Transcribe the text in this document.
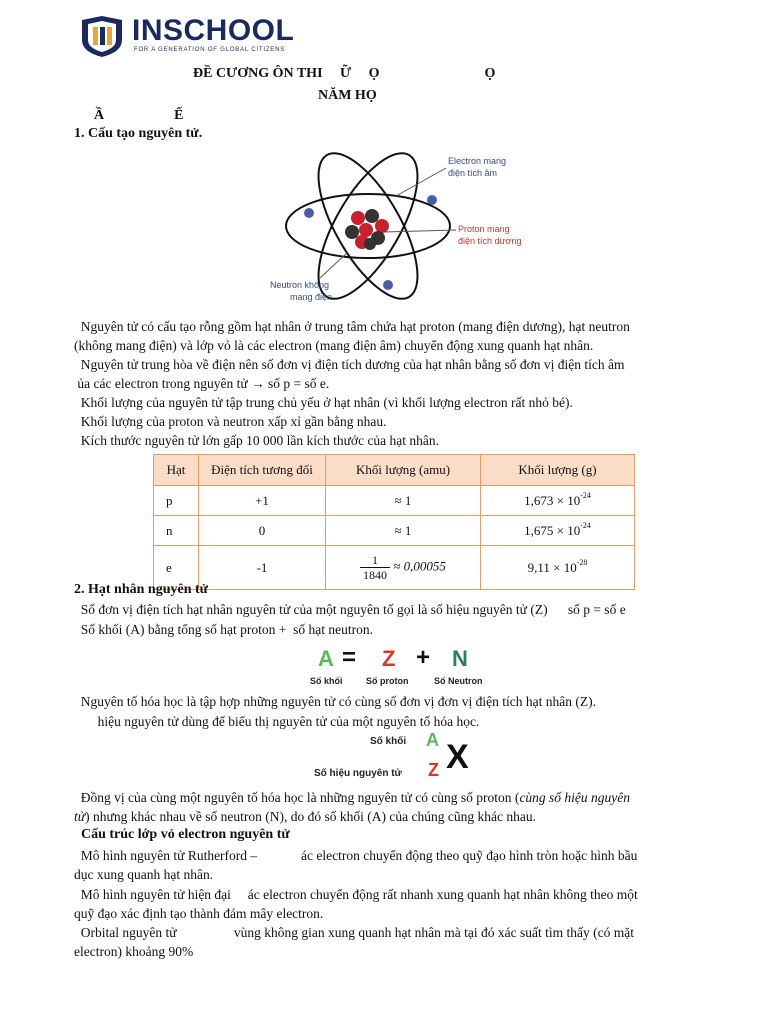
INSCHOOL
FOR A GENERATION OF GLOBAL CITIZENS
ĐỀ CƯƠNG ÔN THI     Ữ     Ọ                              Ọ
NĂM HỌ
Ầ                    Ế
1. Cấu tạo nguyên tử.
Electron mang
điện tích âm
Proton mang
điện tích dương
Neutron không
mang điện
Nguyên tử có cấu tạo rỗng gồm hạt nhân ở trung tâm chứa hạt proton (mang điện dương), hạt neutron
(không mang điện) và lớp vỏ là các electron (mang điện âm) chuyển động xung quanh hạt nhân.
Nguyên tử trung hòa về điện nên số đơn vị điện tích dương của hạt nhân bằng số đơn vị điện tích âm
ủa các electron trong nguyên tử → số p = số e.
Khối lượng của nguyên tử tập trung chủ yếu ở hạt nhân (vì khối lượng electron rất nhỏ bé).
Khối lượng của proton và neutron xấp xỉ gần bằng nhau.
Kích thước nguyên tử lớn gấp 10 000 lần kích thước của hạt nhân.
Hạt	Điện tích tương đối	Khối lượng (amu)	Khối lượng (g)
p	+1	≈ 1	$1,673 \times 10^{-24}$
n	0	≈ 1	$1,675 \times 10^{-24}$
e	-1	$\frac{1}{1840} \approx 0,00055$	$9,11 \times 10^{-28}$
2. Hạt nhân nguyên tử
Số đơn vị điện tích hạt nhân nguyên tử của một nguyên tố gọi là số hiệu nguyên tử (Z)      số p = số e
Số khối (A) bằng tổng số hạt proton +  số hạt neutron.
A = Z + N
Số khối	Số proton	Số Neutron
Nguyên tố hóa học là tập hợp những nguyên tử có cùng số đơn vị đơn vị điện tích hạt nhân (Z).
hiệu nguyên tử dùng để biểu thị nguyên tử của một nguyên tố hóa học.
Số khối A
Số hiệu nguyên tử Z X
Đồng vị của cùng một nguyên tố hóa học là những nguyên tử có cùng số proton (cùng số hiệu nguyên
tử) nhưng khác nhau về số neutron (N), do đó số khối (A) của chúng cũng khác nhau.
Cấu trúc lớp vỏ electron nguyên tử
Mô hình nguyên tử Rutherford –             ác electron chuyển động theo quỹ đạo hình tròn hoặc hình bầu
dục xung quanh hạt nhân.
Mô hình nguyên tử hiện đại     ác electron chuyển động rất nhanh xung quanh hạt nhân không theo một
quỹ đạo xác định tạo thành đám mây electron.
Orbital nguyên tử                 vùng không gian xung quanh hạt nhân mà tại đó xác suất tìm thấy (có mặt
electron) khoảng 90%
